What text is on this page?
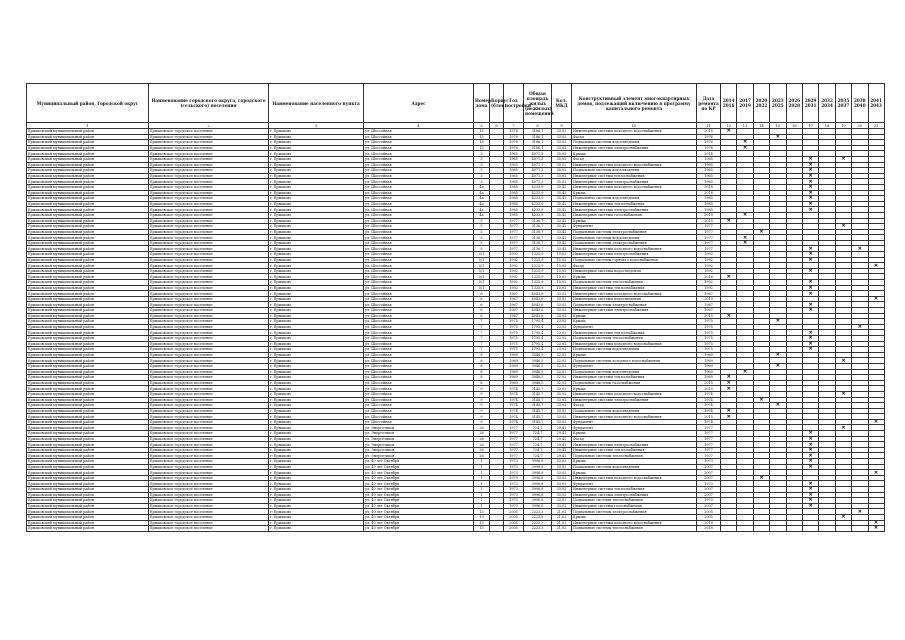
Муниципальный район, Городской округ	Наименование городского округа, городского (сельского) поселения	Наименование населенного пункта	Адрес	Номер дома	Корпус (блок)	Год постройки	Общая площадь жилых (нежилых) помещений	Кол. МКД	Конструктивный элемент многоквартирных домов, подлежащий включению в программу капитального ремонта	Дата ремонта по КР	2014 2016	2017 2019	2020 2022	2023 2025	2026 2028	2029 2031	2032 2034	2035 2037	2038 2040	2041 2043
1	2	3	4	5	6	7	8	9	10	11	12	13	14	15	16	17	18	19	20	21
Ермаковский муниципальный район	Ермаковское городское поселение	г. Ермаково	ул. Шоссейная	15		1976	3186,1	33,02	Инженерные системы холодного водоснабжения	2015	✕									
Ермаковский муниципальный район	Ермаковское городское поселение	г. Ермаково	ул. Шоссейная	15		1976	3186,1	33,02	Фасад	1976				✕						
Ермаковский муниципальный район	Ермаковское городское поселение	г. Ермаково	ул. Шоссейная	15		1976	3186,1	33,02	Подвальные системы водоотведения	1976		✕								
Ермаковский муниципальный район	Ермаковское городское поселение	г. Ермаково	ул. Шоссейная	15		1976	3186,1	33,02	Инженерные системы электроснабжения	1976		✕								
Ермаковский муниципальный район	Ермаковское городское поселение	г. Ермаково	ул. Шоссейная	3		1965	4071,3	35,02	Крыша	2014										
Ермаковский муниципальный район	Ермаковское городское поселение	г. Ермаково	ул. Шоссейная	3		1965	4071,3	35,02	Фасад	1965						✕		✕		
Ермаковский муниципальный район	Ермаковское городское поселение	г. Ермаково	ул. Шоссейная	3		1965	4071,3	35,02	Инженерные системы холодного водоснабжения	1965						✕				
Ермаковский муниципальный район	Ермаковское городское поселение	г. Ермаково	ул. Шоссейная	3		1965	4071,3	35,02	Подвальные системы водоотведения	1965						✕				
Ермаковский муниципальный район	Ермаковское городское поселение	г. Ермаково	ул. Шоссейная	3		1965	4071,3	35,02	Инженерные системы теплоснабжения	1965						✕				
Ермаковский муниципальный район	Ермаковское городское поселение	г. Ермаково	ул. Шоссейная	3		1965	4071,3	35,02	Инженерные системы электроснабжения	1965						✕				
Ермаковский муниципальный район	Ермаковское городское поселение	г. Ермаково	ул. Шоссейная	4а		1985	4233,9	35,42	Инженерные системы холодного водоснабжения	2018						✕				
Ермаковский муниципальный район	Ермаковское городское поселение	г. Ермаково	ул. Шоссейная	4а		1985	4233,9	35,42	Крыша	2018						✕				
Ермаковский муниципальный район	Ермаковское городское поселение	г. Ермаково	ул. Шоссейная	4а		1985	4233,9	35,42	Подвальные системы водоотведения	1985						✕				
Ермаковский муниципальный район	Ермаковское городское поселение	г. Ермаково	ул. Шоссейная	4а		1985	4233,9	35,42	Инженерные системы теплоснабжения	1985						✕				
Ермаковский муниципальный район	Ермаковское городское поселение	г. Ермаково	ул. Шоссейная	4а		1985	4233,9	35,42	Инженерные системы электроснабжения	1985						✕				
Ермаковский муниципальный район	Ермаковское городское поселение	г. Ермаково	ул. Шоссейная	4а		1985	4233,9	35,42	Инженерные системы газоснабжения	2019		✕								
Ермаковский муниципальный район	Ермаковское городское поселение	г. Ермаково	ул. Шоссейная	5		1977	3136,7	33,42	Крыша	2015	✕									
Ермаковский муниципальный район	Ермаковское городское поселение	г. Ермаково	ул. Шоссейная	5		1977	3136,7	33,42	Фундамент	1977								✕		
Ермаковский муниципальный район	Ермаковское городское поселение	г. Ермаково	ул. Шоссейная	5		1977	3136,7	33,42	Подвальные системы электроснабжения	1977			✕							
Ермаковский муниципальный район	Ермаковское городское поселение	г. Ермаково	ул. Шоссейная	5		1977	3136,7	33,42	Подвальные системы водоотведения	1977		✕								
Ермаковский муниципальный район	Ермаковское городское поселение	г. Ермаково	ул. Шоссейная	5		1977	3136,7	33,42	Подвальные системы электроснабжения	1977		✕								
Ермаковский муниципальный район	Ермаковское городское поселение	г. Ермаково	ул. Шоссейная	5		1977	3136,7	33,42	Инженерные системы холодного водоснабжения	1977						✕			✕	
Ермаковский муниципальный район	Ермаковское городское поселение	г. Ермаково	ул. Шоссейная	5/1		1992	1325,9	15,02	Инженерные системы электроснабжения	1992						✕				
Ермаковский муниципальный район	Ермаковское городское поселение	г. Ермаково	ул. Шоссейная	5/1		1992	1325,9	15,02	Подвальные системы горячего водоснабжения	1992						✕				
Ермаковский муниципальный район	Ермаковское городское поселение	г. Ермаково	ул. Шоссейная	5/1		1992	1325,9	15,02	Фасад	1992										✕
Ермаковский муниципальный район	Ермаковское городское поселение	г. Ермаково	ул. Шоссейная	5/1		1992	1325,9	15,02	Инженерные системы водоотведения	1992						✕				
Ермаковский муниципальный район	Ермаковское городское поселение	г. Ермаково	ул. Шоссейная	5/1		1992	1325,9	15,02	Крыша	2016	✕									
Ермаковский муниципальный район	Ермаковское городское поселение	г. Ермаково	ул. Шоссейная	5/1		1992	1325,9	15,02	Подвальные системы теплоснабжения	1992						✕				
Ермаковский муниципальный район	Ермаковское городское поселение	г. Ермаково	ул. Шоссейная	5/1		1992	1325,9	15,02	Инженерные системы теплоснабжения	1992						✕				
Ермаковский муниципальный район	Ермаковское городское поселение	г. Ермаково	ул. Шоссейная	6		1967	4043,6	33,02	Инженерные системы холодного водоснабжения	1967						✕				
Ермаковский муниципальный район	Ермаковское городское поселение	г. Ермаково	ул. Шоссейная	6		1967	4043,6	33,02	Инженерные системы водоотведения	2010										✕
Ермаковский муниципальный район	Ермаковское городское поселение	г. Ермаково	ул. Шоссейная	6		1967	4043,6	33,02	Подвальные системы электроснабжения	1967						✕				
Ермаковский муниципальный район	Ермаковское городское поселение	г. Ермаково	ул. Шоссейная	6		1967	4043,6	33,02	Инженерные системы электроснабжения	1967						✕				
Ермаковский муниципальный район	Ермаковское городское поселение	г. Ермаково	ул. Шоссейная	6		1967	4043,6	33,02	Крыша	2015	✕									
Ермаковский муниципальный район	Ермаковское городское поселение	г. Ермаково	ул. Шоссейная	7		1975	1795,4	23,02	Крыша	1975				✕						
Ермаковский муниципальный район	Ермаковское городское поселение	г. Ермаково	ул. Шоссейная	7		1975	1795,4	23,02	Фундамент	1975									✕	
Ермаковский муниципальный район	Ермаковское городское поселение	г. Ермаково	ул. Шоссейная	7		1975	1795,4	23,02	Инженерные системы теплоснабжения	1975						✕				
Ермаковский муниципальный район	Ермаковское городское поселение	г. Ермаково	ул. Шоссейная	7		1975	1795,4	23,02	Подвальные системы теплоснабжения	1975						✕				
Ермаковский муниципальный район	Ермаковское городское поселение	г. Ермаково	ул. Шоссейная	7		1975	1795,4	23,02	Инженерные системы холодного водоснабжения	1975						✕				
Ермаковский муниципальный район	Ермаковское городское поселение	г. Ермаково	ул. Шоссейная	7		1975	1795,4	23,02	Подвальные системы водоотведения	1975						✕				
Ермаковский муниципальный район	Ермаковское городское поселение	г. Ермаково	ул. Шоссейная	8		1969	3046,5	32,02	Крыша	1969				✕						
Ермаковский муниципальный район	Ермаковское городское поселение	г. Ермаково	ул. Шоссейная	8		1969	3046,5	32,02	Подвальные системы холодного водоснабжения	1969								✕		
Ермаковский муниципальный район	Ермаковское городское поселение	г. Ермаково	ул. Шоссейная	8		1969	3046,5	32,02	Фундамент	1969				✕						
Ермаковский муниципальный район	Ермаковское городское поселение	г. Ермаково	ул. Шоссейная	8		1969	3046,5	32,02	Подвальные системы водоотведения	1969		✕								
Ермаковский муниципальный район	Ермаковское городское поселение	г. Ермаково	ул. Шоссейная	8		1969	3046,5	32,02	Инженерные системы теплоснабжения	1969	✕									
Ермаковский муниципальный район	Ермаковское городское поселение	г. Ермаково	ул. Шоссейная	8		1969	3046,5	32,02	Подвальные системы газоснабжения	2015	✕									
Ермаковский муниципальный район	Ермаковское городское поселение	г. Ермаково	ул. Шоссейная	9		1974	3145,7	33,02	Крыша	2015	✕									
Ермаковский муниципальный район	Ермаковское городское поселение	г. Ермаково	ул. Шоссейная	9		1974	3145,7	33,02	Инженерные системы холодного водоснабжения	1974								✕		
Ермаковский муниципальный район	Ермаковское городское поселение	г. Ермаково	ул. Шоссейная	9		1974	3145,7	33,02	Инженерные системы электроснабжения	1974			✕							
Ермаковский муниципальный район	Ермаковское городское поселение	г. Ермаково	ул. Шоссейная	9		1974	3145,7	33,02	Фасад	1974				✕						
Ермаковский муниципальный район	Ермаковское городское поселение	г. Ермаково	ул. Шоссейная	9		1974	3145,7	33,02	Подвальные системы водоотведения	1974	✕									
Ермаковский муниципальный район	Ермаковское городское поселение	г. Ермаково	ул. Шоссейная	9		1974	3145,7	33,02	Инженерные системы холодного водоснабжения	2015	✕									
Ермаковский муниципальный район	Ермаковское городское поселение	г. Ермаково	ул. Шоссейная	9		1974	3145,7	33,02	Фундамент	1974										✕
Ермаковский муниципальный район	Ермаковское городское поселение	г. Ермаково	ул. Энергетиков	26		1977	724,7	29,42	Фундамент	1977								✕		
Ермаковский муниципальный район	Ермаковское городское поселение	г. Ермаково	ул. Энергетиков	26		1977	724,7	29,42	Крыша	1977						✕				
Ермаковский муниципальный район	Ермаковское городское поселение	г. Ермаково	ул. Энергетиков	26		1977	724,7	29,42	Фасад	1977						✕				
Ермаковский муниципальный район	Ермаковское городское поселение	г. Ермаково	ул. Энергетиков	26		1977	724,7	29,42	Инженерные системы электроснабжения	1977						✕				
Ермаковский муниципальный район	Ермаковское городское поселение	г. Ермаково	ул. Энергетиков	26		1977	724,7	29,42	Инженерные системы теплоснабжения	1977						✕				
Ермаковский муниципальный район	Ермаковское городское поселение	г. Ермаково	ул. Энергетиков	26		1977	724,7	29,42	Подвальные системы теплоснабжения	1977						✕				
Ермаковский муниципальный район	Ермаковское городское поселение	г. Ермаково	ул. 40 лет Октября	1		1973	3996,8	33,02	Крыша	1973						✕				
Ермаковский муниципальный район	Ермаковское городское поселение	г. Ермаково	ул. 40 лет Октября	1		1973	3996,8	33,02	Подвальные системы водоотведения	2007						✕				
Ермаковский муниципальный район	Ермаковское городское поселение	г. Ермаково	ул. 40 лет Октября	1		1973	3996,8	33,02	Крыша	2007										✕
Ермаковский муниципальный район	Ермаковское городское поселение	г. Ермаково	ул. 40 лет Октября	1		1973	3996,8	33,02	Инженерные системы холодного водоснабжения	2007			✕							
Ермаковский муниципальный район	Ермаковское городское поселение	г. Ермаково	ул. 40 лет Октября	1		1973	3996,8	33,02	Фундамент	1973						✕				
Ермаковский муниципальный район	Ермаковское городское поселение	г. Ермаково	ул. 40 лет Октября	1		1973	3996,8	33,02	Инженерные системы теплоснабжения	2007						✕				
Ермаковский муниципальный район	Ермаковское городское поселение	г. Ермаково	ул. 40 лет Октября	1		1973	3996,8	33,02	Инженерные системы электроснабжения	2007						✕				
Ермаковский муниципальный район	Ермаковское городское поселение	г. Ермаково	ул. 40 лет Октября	1		1973	3996,8	33,02	Подвальные системы теплоснабжения	1973						✕				
Ермаковский муниципальный район	Ермаковское городское поселение	г. Ермаково	ул. 40 лет Октября	1		1973	3996,8	33,02	Инженерные системы газоснабжения	2007						✕				
Ермаковский муниципальный район	Ермаковское городское поселение	г. Ермаково	ул. 40 лет Октября	13		2005	2223,3	21,02	Подвальные системы электроснабжения	2005									✕	
Ермаковский муниципальный район	Ермаковское городское поселение	г. Ермаково	ул. 40 лет Октября	13		2005	2223,3	21,02	Крыша	2005								✕		
Ермаковский муниципальный район	Ермаковское городское поселение	г. Ермаково	ул. 40 лет Октября	13		2005	2223,3	21,02	Инженерные системы холодного водоснабжения	2018										✕
Ермаковский муниципальный район	Ермаковское городское поселение	г. Ермаково	ул. 40 лет Октября	13		2005	2223,3	21,02	Подвальные системы теплоснабжения	2018										✕
